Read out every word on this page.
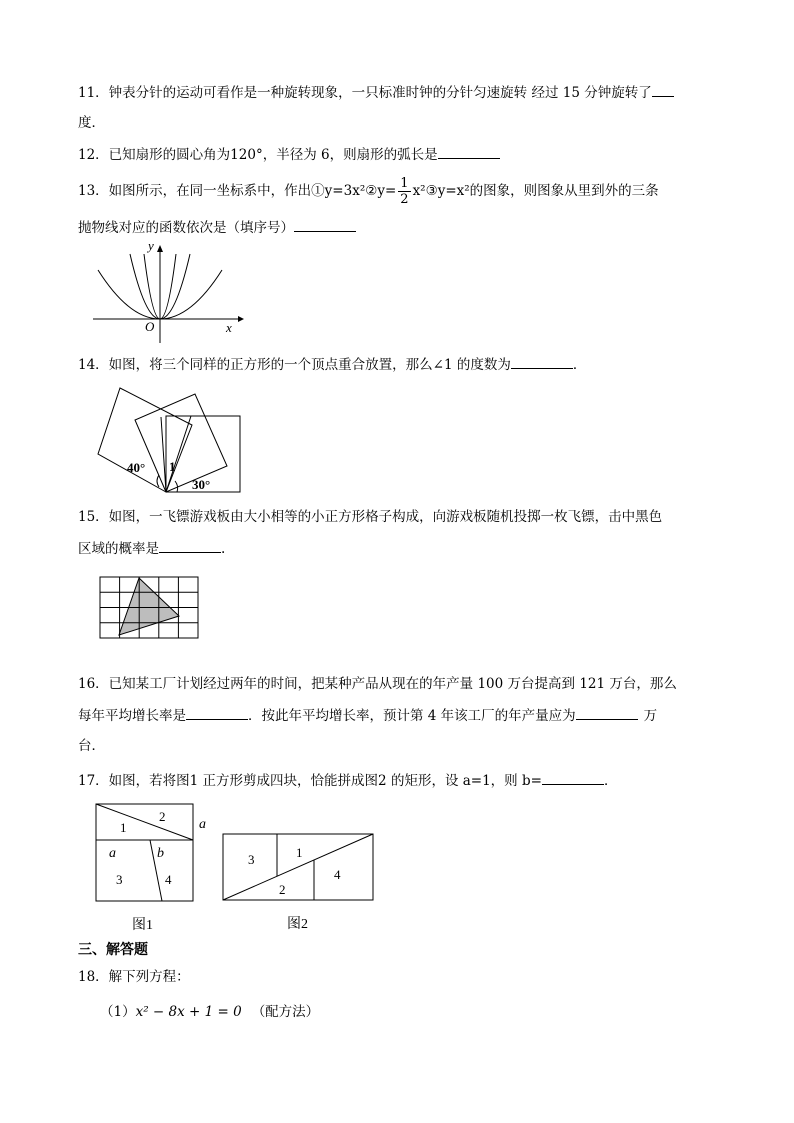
11．钟表分针的运动可看作是一种旋转现象，一只标准时钟的分针匀速旋转 经过 15 分钟旋转了
度．
12．已知扇形的圆心角为120°，半径为 6，则扇形的弧长是
13．如图所示，在同一坐标系中，作出①y=3x²②y= $\frac{1}{2}$ x²③y=x²的图象，则图象从里到外的三条
抛物线对应的函数依次是（填序号）
y
x
O
14．如图，将三个同样的正方形的一个顶点重合放置，那么∠1 的度数为	．
40° 1
30°
15．如图，一飞镖游戏板由大小相等的小正方形格子构成，向游戏板随机投掷一枚飞镖，击中黑色
区域的概率是	.
16．已知某工厂计划经过两年的时间，把某种产品从现在的年产量 100 万台提高到 121 万台，那么
每年平均增长率是	．按此年平均增长率，预计第 4 年该工厂的年产量应为	万
台．
17．如图，若将图1 正方形剪成四块，恰能拼成图2 的矩形，设 a=1，则 b=	．
1
2
3	4
a
a	b
图1
3	1
2
4
图2
三、解答题
18．解下列方程：
（1）x² − 8x + 1 = 0 （配方法）
